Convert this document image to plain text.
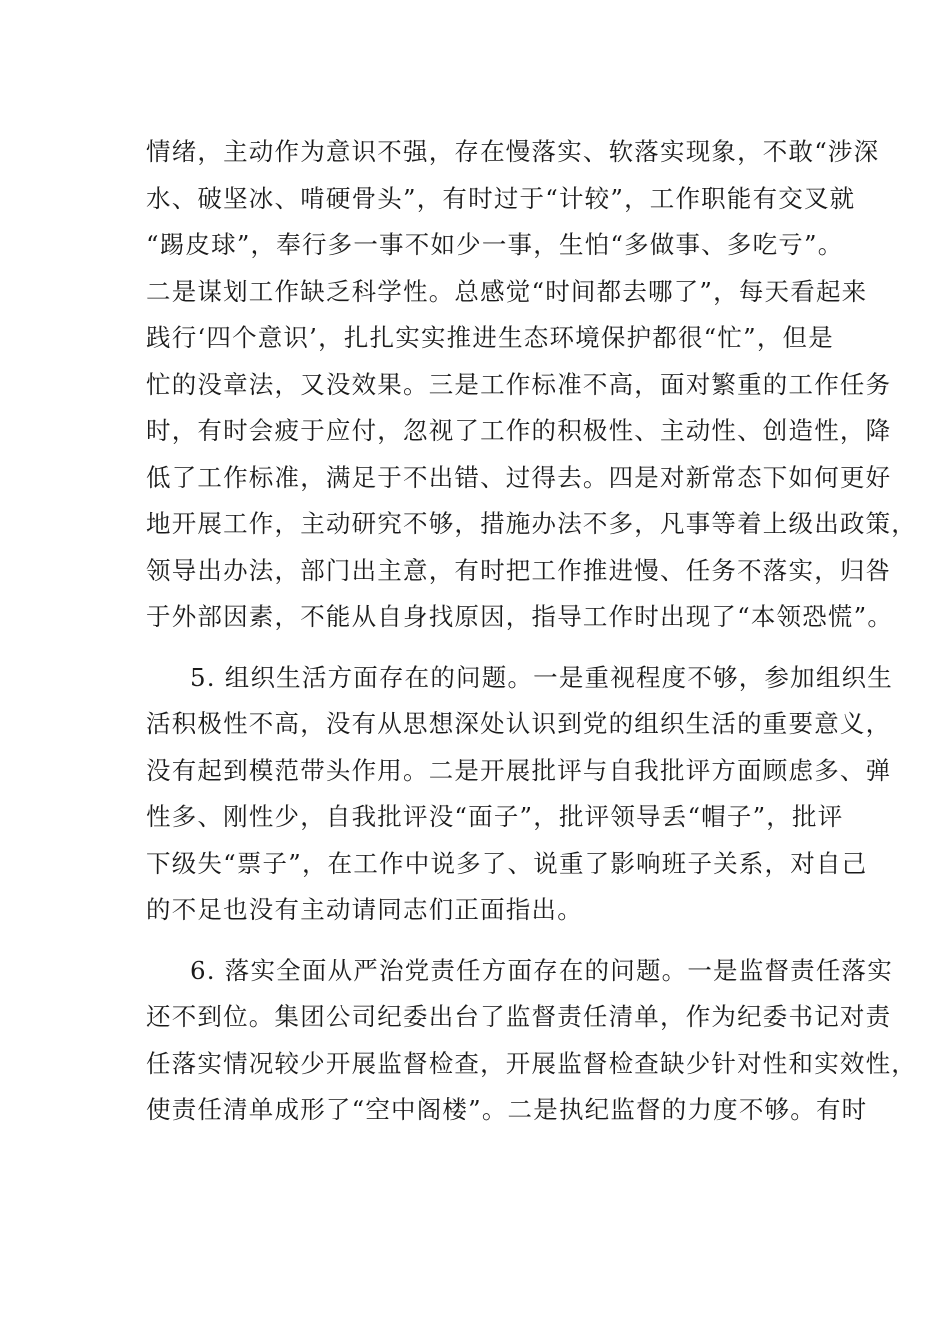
情绪，主动作为意识不强，存在慢落实、软落实现象，不敢“涉深
水、破坚冰、啃硬骨头”，有时过于“计较”，工作职能有交叉就
“踢皮球”，奉行多一事不如少一事，生怕“多做事、多吃亏”。
二是谋划工作缺乏科学性。总感觉“时间都去哪了”，每天看起来
践行‘四个意识’，扎扎实实推进生态环境保护都很“忙”，但是
忙的没章法，又没效果。三是工作标准不高，面对繁重的工作任务
时，有时会疲于应付，忽视了工作的积极性、主动性、创造性，降
低了工作标准，满足于不出错、过得去。四是对新常态下如何更好
地开展工作，主动研究不够，措施办法不多，凡事等着上级出政策，
领导出办法，部门出主意，有时把工作推进慢、任务不落实，归咎
于外部因素，不能从自身找原因，指导工作时出现了“本领恐慌”。
5. 组织生活方面存在的问题。一是重视程度不够，参加组织生
活积极性不高，没有从思想深处认识到党的组织生活的重要意义，
没有起到模范带头作用。二是开展批评与自我批评方面顾虑多、弹
性多、刚性少，自我批评没“面子”，批评领导丢“帽子”，批评
下级失“票子”，在工作中说多了、说重了影响班子关系，对自己
的不足也没有主动请同志们正面指出。
6. 落实全面从严治党责任方面存在的问题。一是监督责任落实
还不到位。集团公司纪委出台了监督责任清单，作为纪委书记对责
任落实情况较少开展监督检查，开展监督检查缺少针对性和实效性，
使责任清单成形了“空中阁楼”。二是执纪监督的力度不够。有时
